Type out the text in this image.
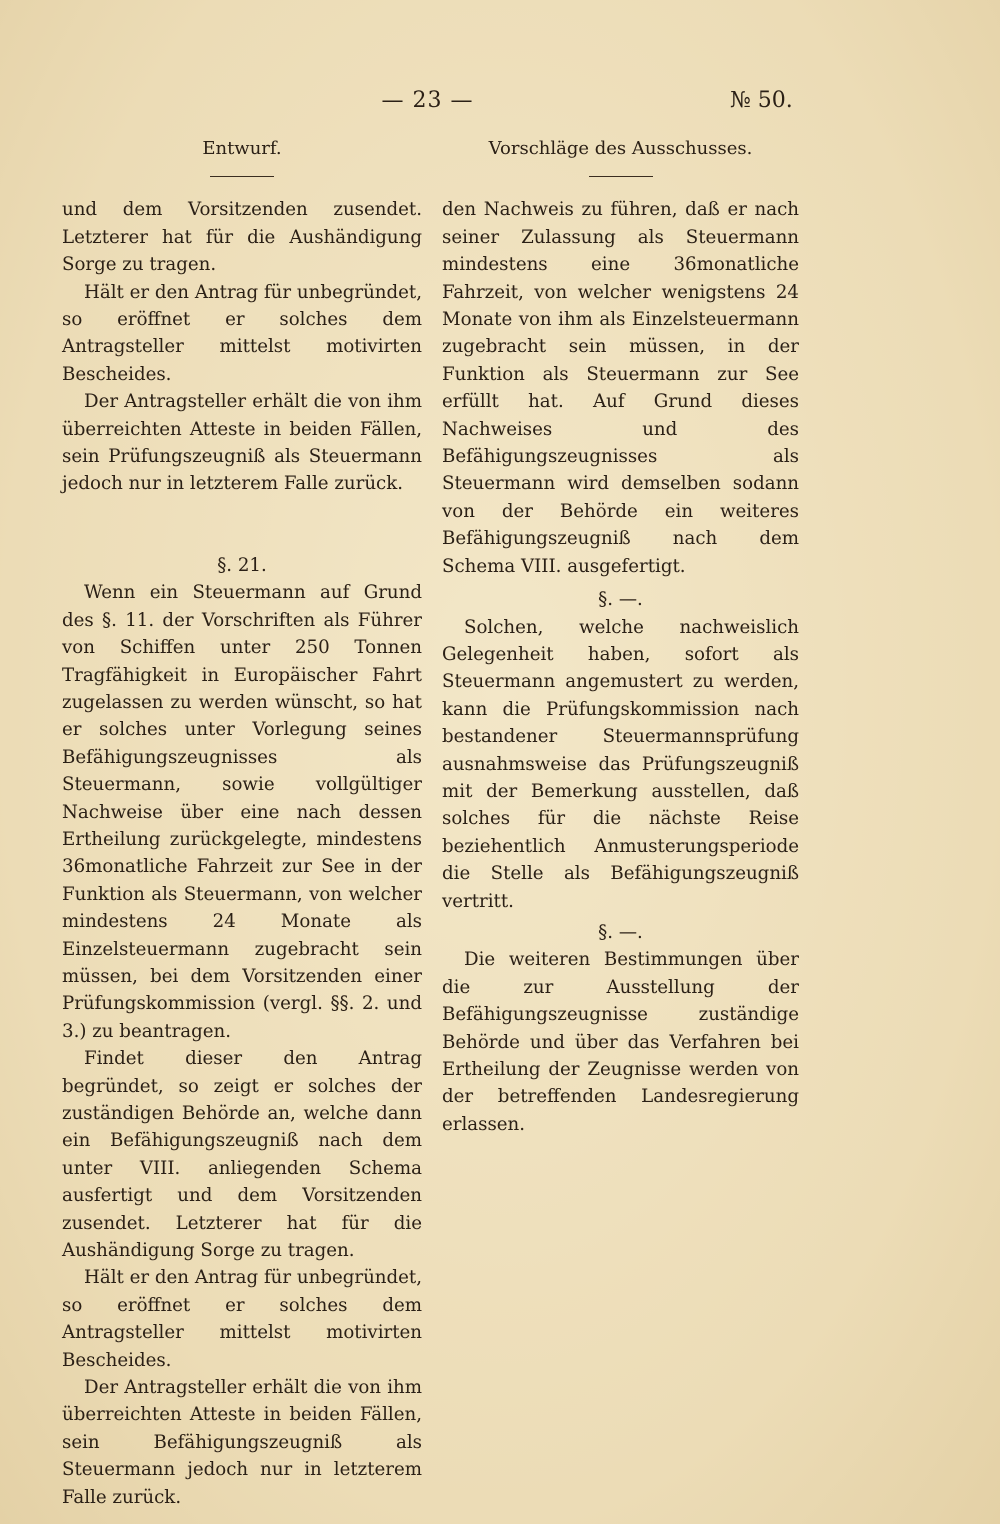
— 23 —	№ 50.
Entwurf.

und dem Vorsitzenden zusendet. Letzterer hat für die Aushändigung Sorge zu tragen.

Hält er den Antrag für unbegründet, so eröffnet er solches dem Antragsteller mittelst motivirten Bescheides.

Der Antragsteller erhält die von ihm überreichten Atteste in beiden Fällen, sein Prüfungszeugniß als Steuermann jedoch nur in letzterem Falle zurück.

§. 21.

Wenn ein Steuermann auf Grund des §. 11. der Vorschriften als Führer von Schiffen unter 250 Tonnen Tragfähigkeit in Europäischer Fahrt zugelassen zu werden wünscht, so hat er solches unter Vorlegung seines Befähigungszeugnisses als Steuermann, sowie vollgültiger Nachweise über eine nach dessen Ertheilung zurückgelegte, mindestens 36monatliche Fahrzeit zur See in der Funktion als Steuermann, von welcher mindestens 24 Monate als Einzelsteuermann zugebracht sein müssen, bei dem Vorsitzenden einer Prüfungskommission (vergl. §§. 2. und 3.) zu beantragen.

Findet dieser den Antrag begründet, so zeigt er solches der zuständigen Behörde an, welche dann ein Befähigungszeugniß nach dem unter VIII. anliegenden Schema ausfertigt und dem Vorsitzenden zusendet. Letzterer hat für die Aushändigung Sorge zu tragen.

Hält er den Antrag für unbegründet, so eröffnet er solches dem Antragsteller mittelst motivirten Bescheides.

Der Antragsteller erhält die von ihm überreichten Atteste in beiden Fällen, sein Befähigungszeugniß als Steuermann jedoch nur in letzterem Falle zurück.

Vorschläge des Ausschusses.

den Nachweis zu führen, daß er nach seiner Zulassung als Steuermann mindestens eine 36monatliche Fahrzeit, von welcher wenigstens 24 Monate von ihm als Einzelsteuermann zugebracht sein müssen, in der Funktion als Steuermann zur See erfüllt hat. Auf Grund dieses Nachweises und des Befähigungszeugnisses als Steuermann wird demselben sodann von der Behörde ein weiteres Befähigungszeugniß nach dem Schema VIII. ausgefertigt.

§. —.

Solchen, welche nachweislich Gelegenheit haben, sofort als Steuermann angemustert zu werden, kann die Prüfungskommission nach bestandener Steuermannsprüfung ausnahmsweise das Prüfungszeugniß mit der Bemerkung ausstellen, daß solches für die nächste Reise beziehentlich Anmusterungsperiode die Stelle als Befähigungszeugniß vertritt.

§. —.

Die weiteren Bestimmungen über die zur Ausstellung der Befähigungszeugnisse zuständige Behörde und über das Verfahren bei Ertheilung der Zeugnisse werden von der betreffenden Landesregierung erlassen.
